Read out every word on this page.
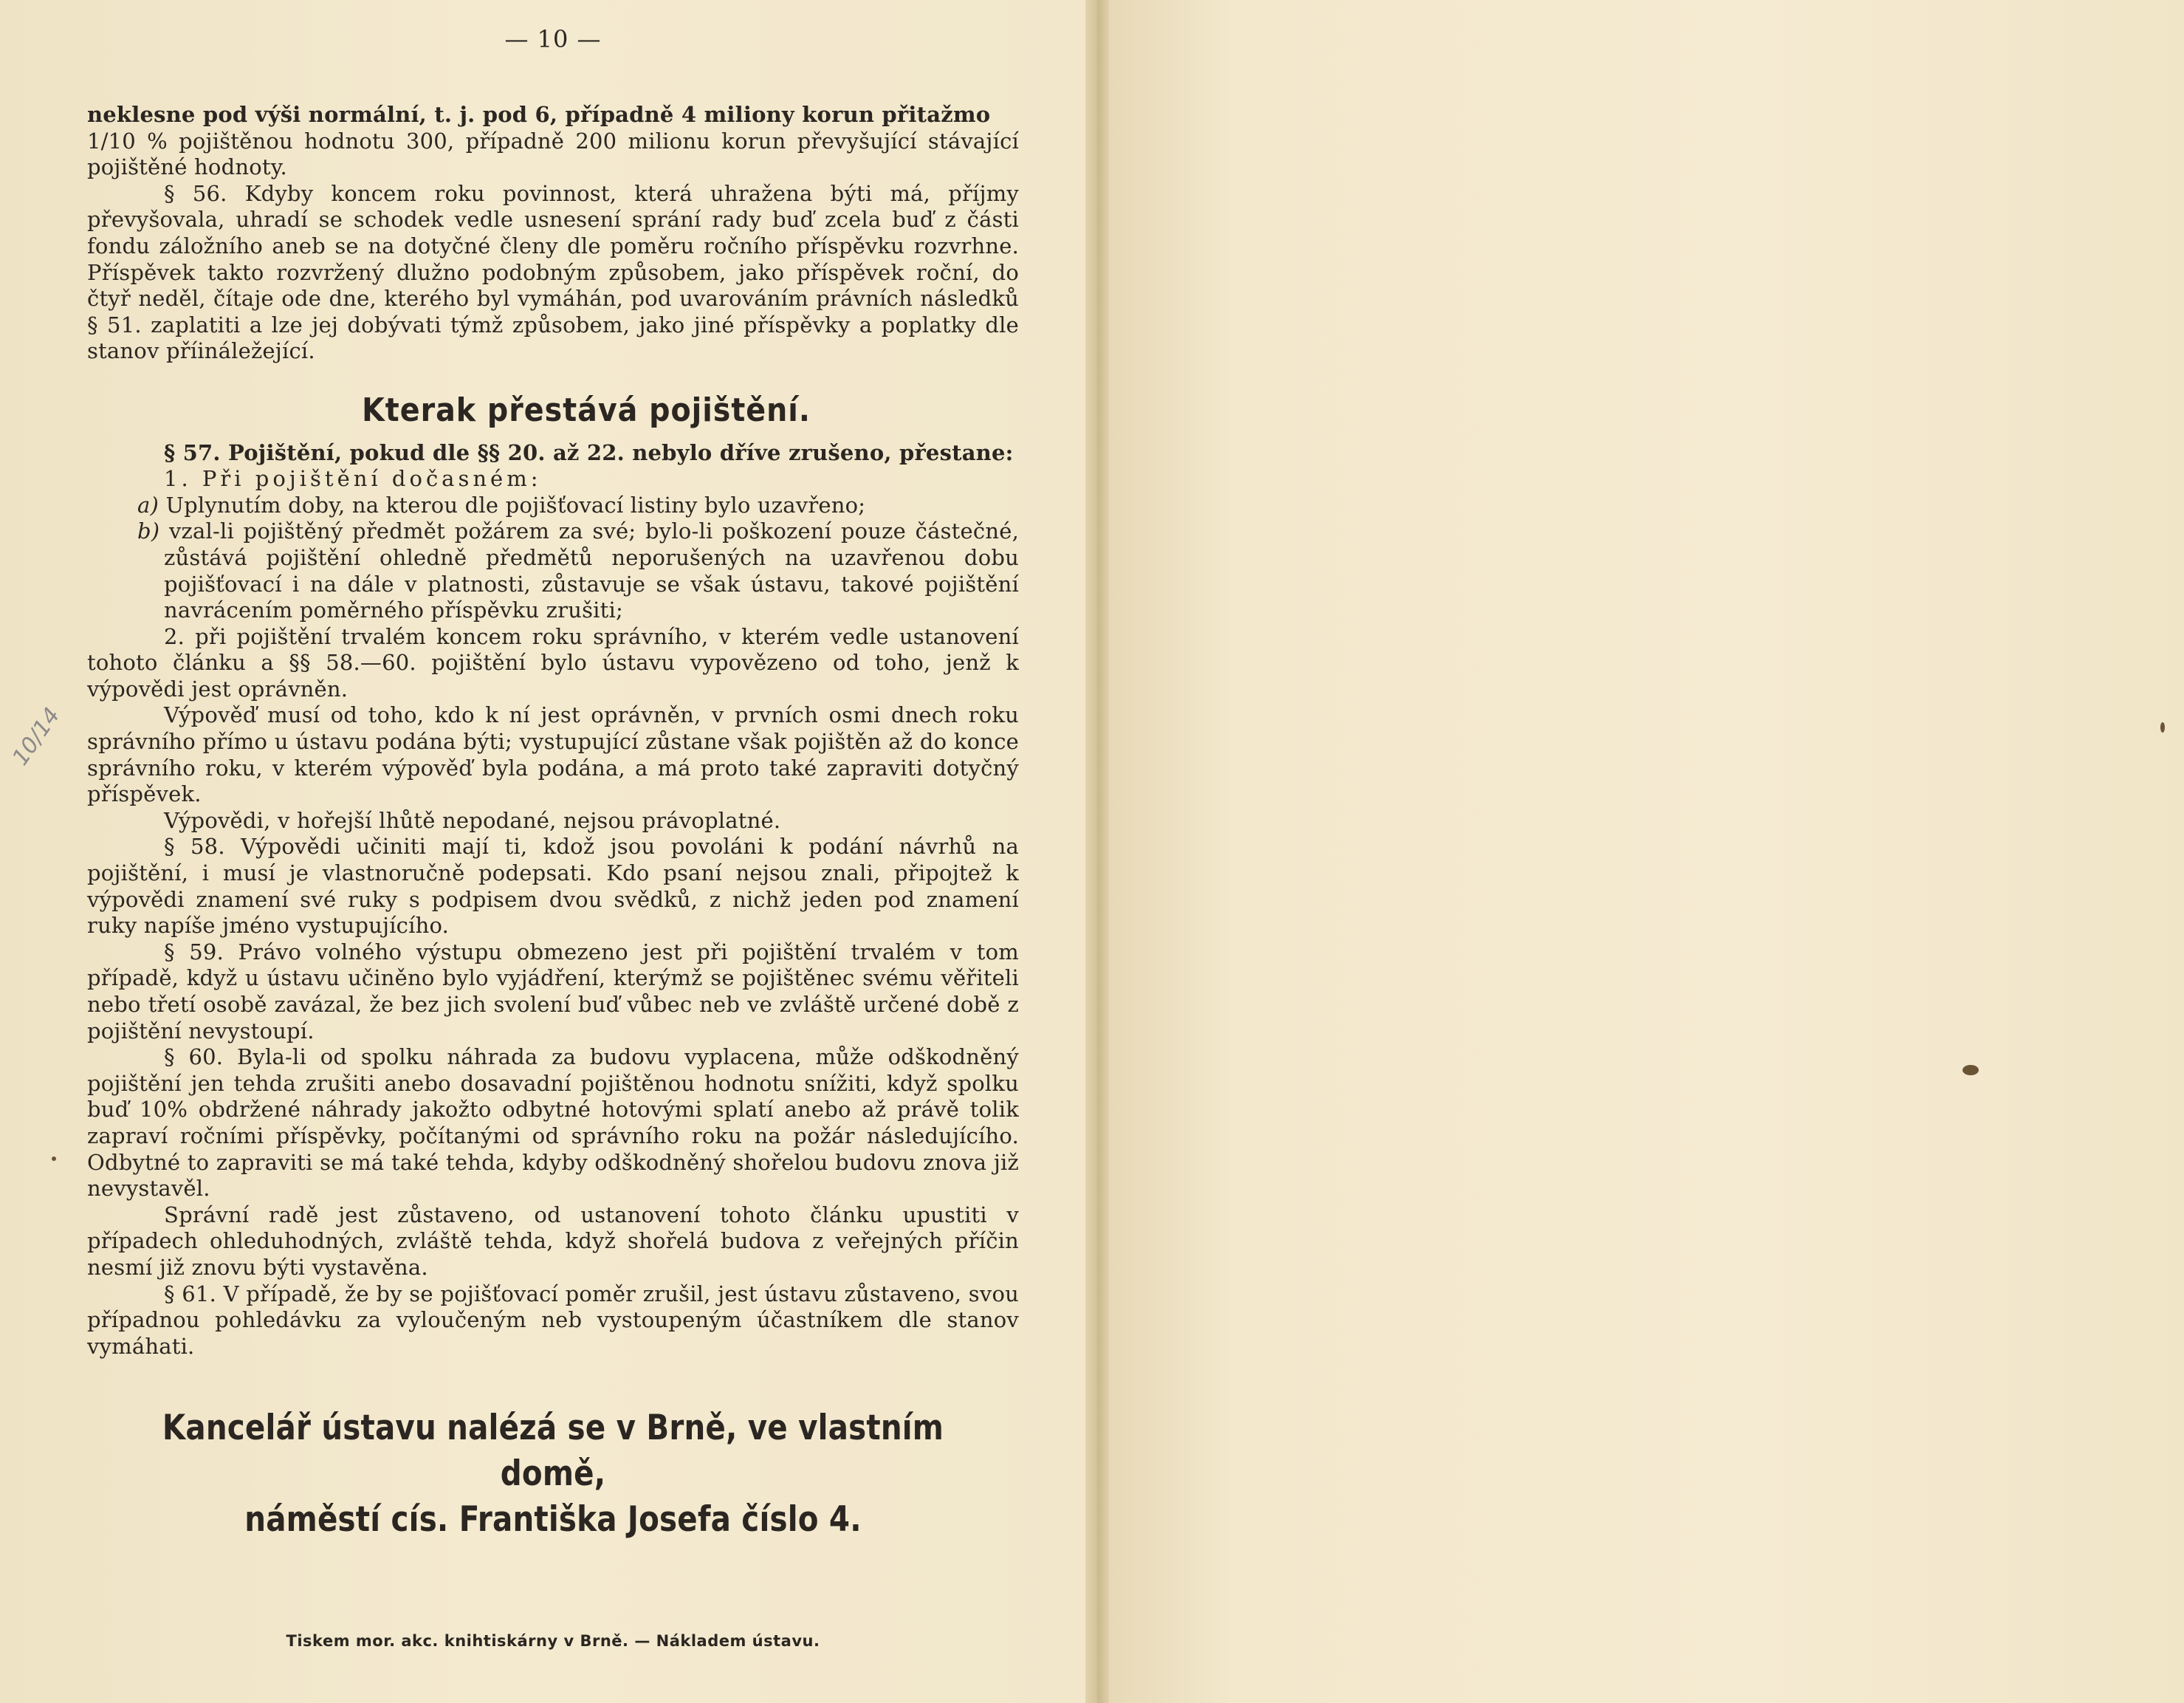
10/14
— 10 —

neklesne pod výši normální, t. j. pod 6, případně 4 miliony korun přitažmo

1/10 % pojištěnou hodnotu 300, případně 200 milionu korun převyšující stávající pojištěné hodnoty.

§ 56. Kdyby koncem roku povinnost, která uhražena býti má, příjmy převyšovala, uhradí se schodek vedle usnesení sprání rady buď zcela buď z části fondu záložního aneb se na dotyčné členy dle poměru ročního příspěvku rozvrhne. Příspěvek takto rozvržený dlužno podobným způsobem, jako příspěvek roční, do čtyř neděl, čítaje ode dne, kterého byl vymáhán, pod uvarováním právních následků § 51. zaplatiti a lze jej dobývati týmž způsobem, jako jiné příspěvky a poplatky dle stanov příináležející.

Kterak přestává pojištění.

§ 57. Pojištění, pokud dle §§ 20. až 22. nebylo dříve zrušeno, přestane:

1. Při pojištění dočasném:

a) Uplynutím doby, na kterou dle pojišťovací listiny bylo uzavřeno;

b) vzal-li pojištěný předmět požárem za své; bylo-li poškození pouze částečné, zůstává pojištění ohledně předmětů neporušených na uzavřenou dobu pojišťovací i na dále v platnosti, zůstavuje se však ústavu, takové pojištění navrácením poměrného příspěvku zrušiti;

2. při pojištění trvalém koncem roku správního, v kterém vedle ustanovení tohoto článku a §§ 58.—60. pojištění bylo ústavu vypovězeno od toho, jenž k výpovědi jest oprávněn.

Výpověď musí od toho, kdo k ní jest oprávněn, v prvních osmi dnech roku správního přímo u ústavu podána býti; vystupující zůstane však pojištěn až do konce správního roku, v kterém výpověď byla podána, a má proto také zapraviti dotyčný příspěvek.

Výpovědi, v hořejší lhůtě nepodané, nejsou právoplatné.

§ 58. Výpovědi učiniti mají ti, kdož jsou povoláni k podání návrhů na pojištění, i musí je vlastnoručně podepsati. Kdo psaní nejsou znali, připojtež k výpovědi znamení své ruky s podpisem dvou svědků, z nichž jeden pod znamení ruky napíše jméno vystupujícího.

§ 59. Právo volného výstupu obmezeno jest při pojištění trvalém v tom případě, když u ústavu učiněno bylo vyjádření, kterýmž se pojištěnec svému věřiteli nebo třetí osobě zavázal, že bez jich svolení buď vůbec neb ve zvláště určené době z pojištění nevystoupí.

§ 60. Byla-li od spolku náhrada za budovu vyplacena, může odškodněný pojištění jen tehda zrušiti anebo dosavadní pojištěnou hodnotu snížiti, když spolku buď 10% obdržené náhrady jakožto odbytné hotovými splatí anebo až právě tolik zapraví ročními příspěvky, počítanými od správního roku na požár následujícího. Odbytné to zapraviti se má také tehda, kdyby odškodněný shořelou budovu znova již nevystavěl.

Správní radě jest zůstaveno, od ustanovení tohoto článku upustiti v případech ohleduhodných, zvláště tehda, když shořelá budova z veřejných příčin nesmí již znovu býti vystavěna.

§ 61. V případě, že by se pojišťovací poměr zrušil, jest ústavu zůstaveno, svou případnou pohledávku za vyloučeným neb vystoupeným účastníkem dle stanov vymáhati.

Kancelář ústavu nalézá se v Brně, ve vlastním domě,
náměstí cís. Františka Josefa číslo 4.
Tiskem mor. akc. knihtiskárny v Brně. — Nákladem ústavu.
